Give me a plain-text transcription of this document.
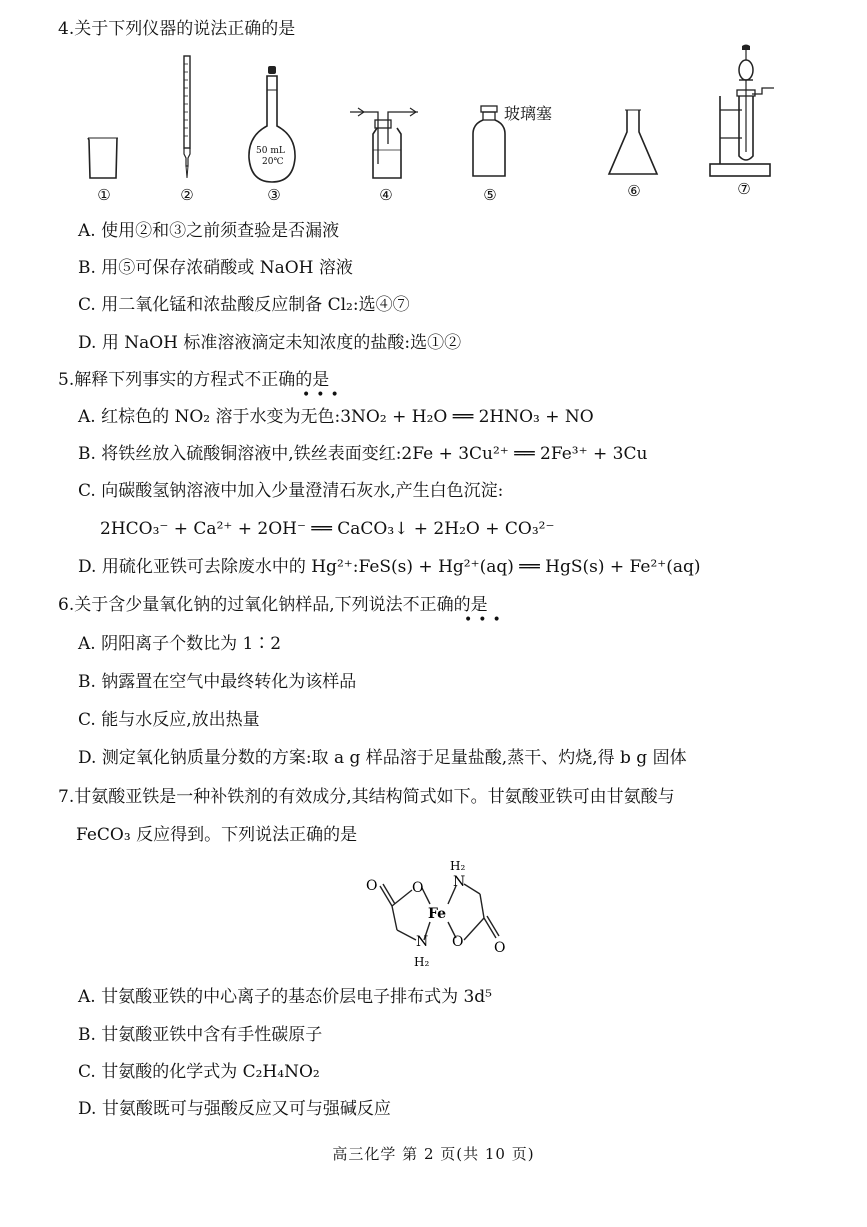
4.关于下列仪器的说法正确的是
50 mL
20℃
玻璃塞
①	②	③	④	⑤	⑥	⑦
A. 使用②和③之前须查验是否漏液
B. 用⑤可保存浓硝酸或 NaOH 溶液
C. 用二氧化锰和浓盐酸反应制备 Cl₂:选④⑦
D. 用 NaOH 标准溶液滴定未知浓度的盐酸:选①②
5.解释下列事实的方程式不正确的是
•••
A. 红棕色的 NO₂ 溶于水变为无色:3NO₂ + H₂O ══ 2HNO₃ + NO
B. 将铁丝放入硫酸铜溶液中,铁丝表面变红:2Fe + 3Cu²⁺ ══ 2Fe³⁺ + 3Cu
C. 向碳酸氢钠溶液中加入少量澄清石灰水,产生白色沉淀:
2HCO₃⁻ + Ca²⁺ + 2OH⁻ ══ CaCO₃↓ + 2H₂O + CO₃²⁻
D. 用硫化亚铁可去除废水中的 Hg²⁺:FeS(s) + Hg²⁺(aq) ══ HgS(s) + Fe²⁺(aq)
6.关于含少量氧化钠的过氧化钠样品,下列说法不正确的是
•••
A. 阴阳离子个数比为 1∶2
B. 钠露置在空气中最终转化为该样品
C. 能与水反应,放出热量
D. 测定氧化钠质量分数的方案:取 a g 样品溶于足量盐酸,蒸干、灼烧,得 b g 固体
7.甘氨酸亚铁是一种补铁剂的有效成分,其结构简式如下。甘氨酸亚铁可由甘氨酸与
FeCO₃ 反应得到。下列说法正确的是
O O
Fe
N
H₂
N
H₂
O O
A. 甘氨酸亚铁的中心离子的基态价层电子排布式为 3d⁵
B. 甘氨酸亚铁中含有手性碳原子
C. 甘氨酸的化学式为 C₂H₄NO₂
D. 甘氨酸既可与强酸反应又可与强碱反应
高三化学 第 2 页(共 10 页)
